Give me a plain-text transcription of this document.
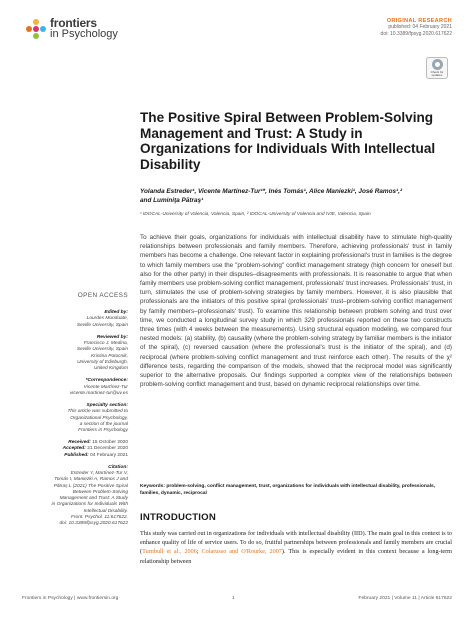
frontiers
in Psychology
ORIGINAL RESEARCH
published: 04 February 2021
doi: 10.3389/fpsyg.2020.617622
Check for updates
The Positive Spiral Between Problem-Solving Management and Trust: A Study in Organizations for Individuals With Intellectual Disability
Yolanda Estreder¹, Vicente Martínez-Tur¹*, Inés Tomás¹, Alice Maniezki¹, José Ramos¹,²
and Luminiţa Pătraş¹
¹ IDOCAL-University of Valencia, Valencia, Spain, ² IDOCAL-University of Valencia and IVIE, Valencia, Spain
To achieve their goals, organizations for individuals with intellectual disability have to stimulate high-quality relationships between professionals and family members. Therefore, achieving professionals' trust in family members has become a challenge. One relevant factor in explaining professional's trust in families is the degree to which family members use the "problem-solving" conflict management strategy (high concern for oneself but also for the other party) in their disputes–disagreements with professionals. It is reasonable to argue that when family members use problem-solving conflict management, professionals' trust increases. Professionals' trust, in turn, stimulates the use of problem-solving strategies by family members. However, it is also plausible that professionals are the initiators of this positive spiral (professionals' trust–problem-solving conflict management by family members–professionals' trust). To examine this relationship between problem solving and trust over time, we conducted a longitudinal survey study in which 329 professionals reported on these two constructs three times (with 4 weeks between the measurements). Using structural equation modeling, we compared four nested models: (a) stability, (b) causality (where the problem-solving strategy by familiar members is the initiator of the spiral), (c) reversed causation (where the professional's trust is the initiator of the spiral), and (d) reciprocal (where problem-solving conflict management and trust reinforce each other). The results of the χ² difference tests, regarding the comparison of the models, showed that the reciprocal model was significantly superior to the alternative proposals. Our findings supported a complex view of the relationships between problem-solving conflict management and trust, based on dynamic reciprocal relationships over time.
Keywords: problem-solving, conflict management, trust, organizations for individuals with intellectual disability, professionals, families, dynamic, reciprocal
INTRODUCTION
This study was carried out in organizations for individuals with intellectual disability (IID). The main goal in this context is to enhance quality of life of service users. To do so, fruitful partnerships between professionals and family members are crucial (Turnbull et al., 2006; Colarusso and O'Rourke, 2007). This is especially evident in this context because a long-term relationship between
OPEN ACCESS
Edited by:
Lourdes Munduate,
Seville University, Spain
Reviewed by:
Francisco J. Medina,
Seville University, Spain
Kristina Potocnik,
University of Edinburgh,
United Kingdom
*Correspondence:
Vicente Martínez-Tur
vicente.martinez-tur@uv.es
Specialty section:
This article was submitted to
Organizational Psychology,
a section of the journal
Frontiers in Psychology
Received: 15 October 2020
Accepted: 21 December 2020
Published: 04 February 2021
Citation:
Estreder Y, Martínez-Tur V,
Tomás I, Maniezki A, Ramos J and
Pătraş L (2021) The Positive Spiral
Between Problem-Solving
Management and Trust: A Study
in Organizations for Individuals With
Intellectual Disability.
Front. Psychol. 11:617622.
doi: 10.3389/fpsyg.2020.617622
Frontiers in Psychology | www.frontiersin.org	1	February 2021 | Volume 11 | Article 617622
